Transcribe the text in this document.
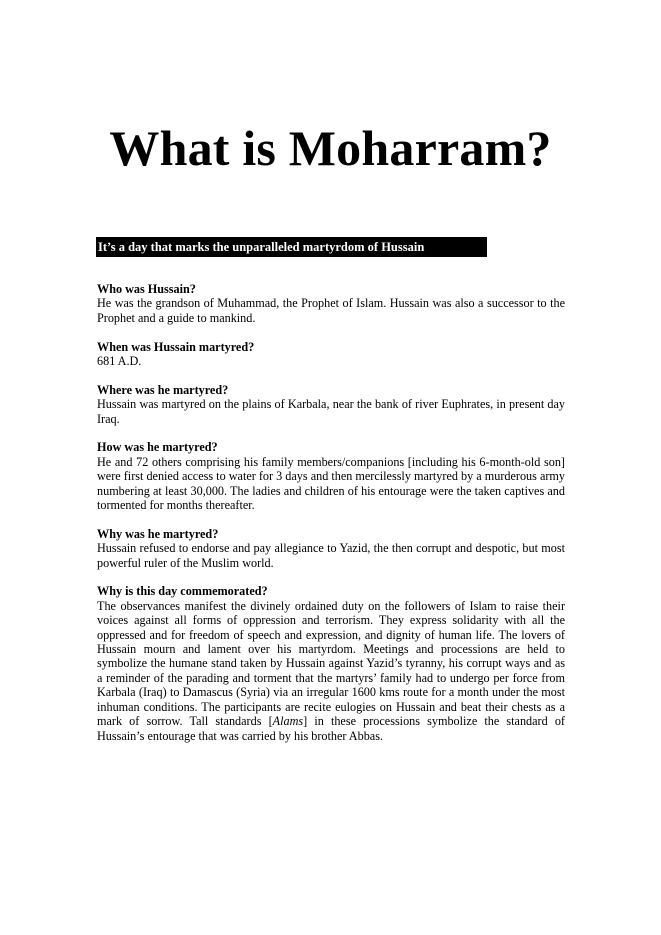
What is Moharram?
It’s a day that marks the unparalleled martyrdom of Hussain

Who was Hussain?

He was the grandson of Muhammad, the Prophet of Islam. Hussain was also a successor to the Prophet and a guide to mankind.

When was Hussain martyred?

681 A.D.

Where was he martyred?

Hussain was martyred on the plains of Karbala, near the bank of river Euphrates, in present day Iraq.

How was he martyred?

He and 72 others comprising his family members/companions [including his 6-month-old son] were first denied access to water for 3 days and then mercilessly martyred by a murderous army numbering at least 30,000. The ladies and children of his entourage were the taken captives and tormented for months thereafter.

Why was he martyred?

Hussain refused to endorse and pay allegiance to Yazid, the then corrupt and despotic, but most powerful ruler of the Muslim world.

Why is this day commemorated?

The observances manifest the divinely ordained duty on the followers of Islam to raise their voices against all forms of oppression and terrorism. They express solidarity with all the oppressed and for freedom of speech and expression, and dignity of human life. The lovers of Hussain mourn and lament over his martyrdom. Meetings and processions are held to symbolize the humane stand taken by Hussain against Yazid’s tyranny, his corrupt ways and as a reminder of the parading and torment that the martyrs’ family had to undergo per force from Karbala (Iraq) to Damascus (Syria) via an irregular 1600 kms route for a month under the most inhuman conditions. The participants are recite eulogies on Hussain and beat their chests as a mark of sorrow. Tall standards [Alams] in these processions symbolize the standard of Hussain’s entourage that was carried by his brother Abbas.
